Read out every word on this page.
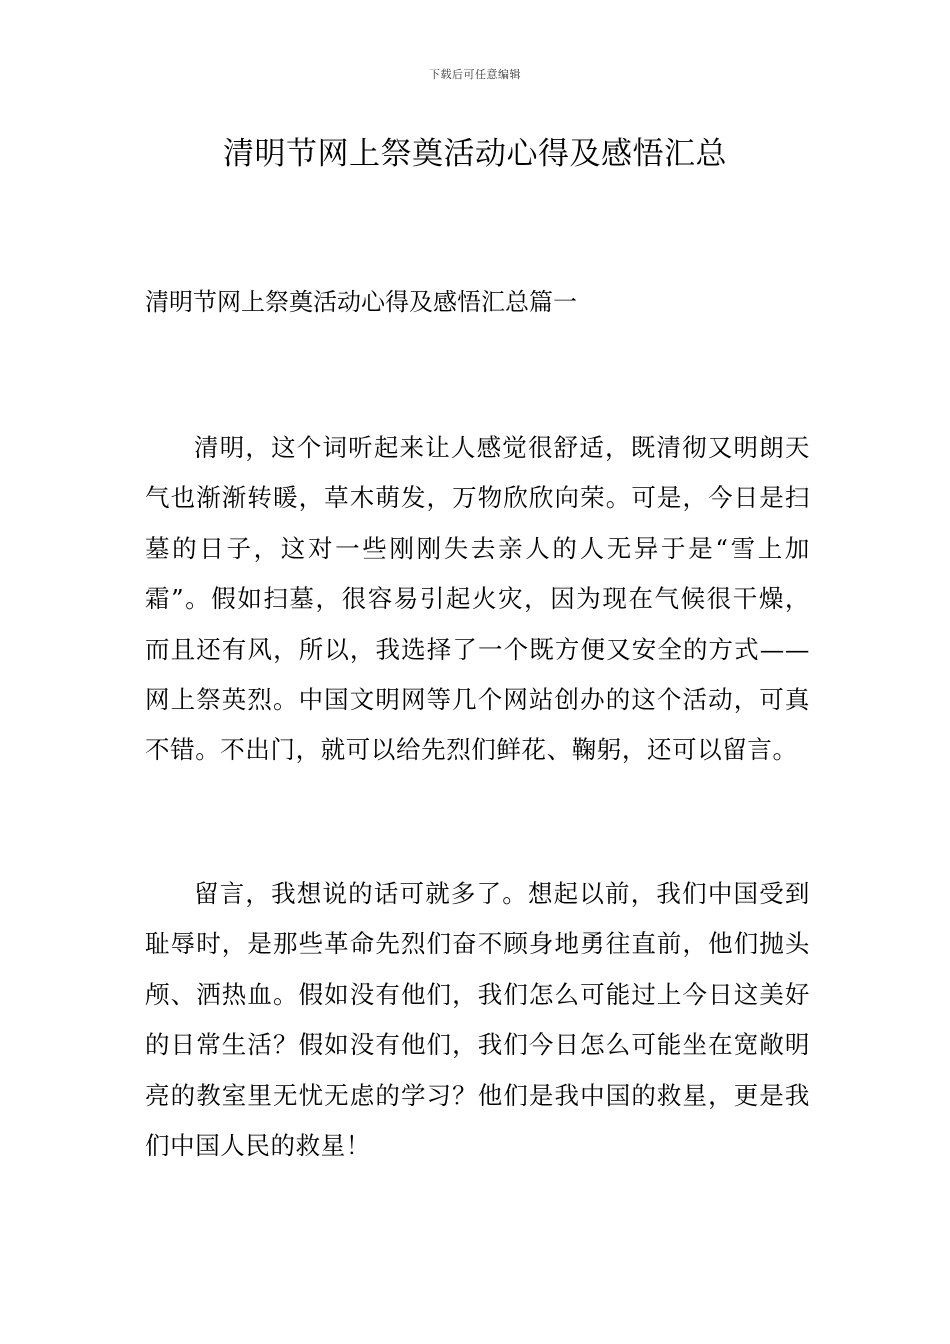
下载后可任意编辑
清明节网上祭奠活动心得及感悟汇总
清明节网上祭奠活动心得及感悟汇总篇一

清明，这个词听起来让人感觉很舒适，既清彻又明朗天气也渐渐转暖，草木萌发，万物欣欣向荣。可是，今日是扫墓的日子，这对一些刚刚失去亲人的人无异于是“雪上加霜”。假如扫墓，很容易引起火灾，因为现在气候很干燥，而且还有风，所以，我选择了一个既方便又安全的方式——网上祭英烈。中国文明网等几个网站创办的这个活动，可真不错。不出门，就可以给先烈们鲜花、鞠躬，还可以留言。

留言，我想说的话可就多了。想起以前，我们中国受到耻辱时，是那些革命先烈们奋不顾身地勇往直前，他们抛头颅、洒热血。假如没有他们，我们怎么可能过上今日这美好的日常生活？假如没有他们，我们今日怎么可能坐在宽敞明亮的教室里无忧无虑的学习？他们是我中国的救星，更是我们中国人民的救星！
